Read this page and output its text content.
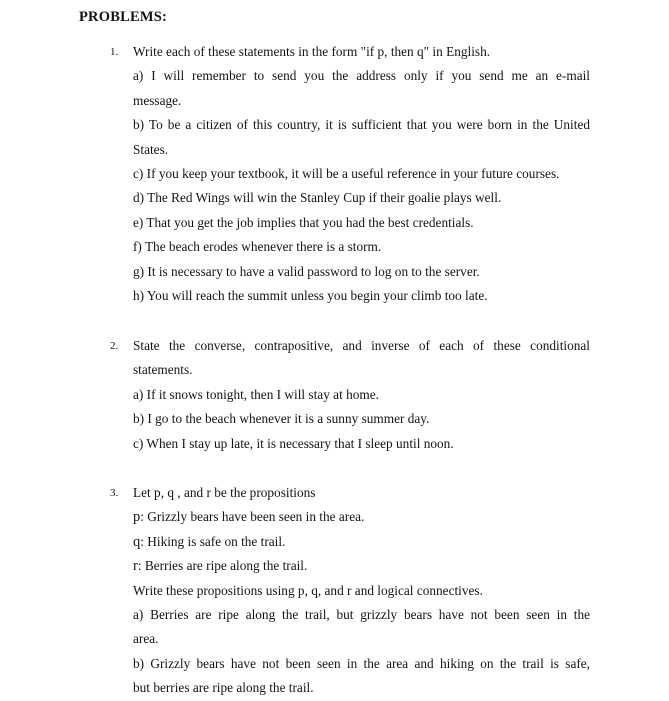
PROBLEMS:
1. Write each of these statements in the form "if p, then q" in English.
a) I will remember to send you the address only if you send me an e-mail
message.
b) To be a citizen of this country, it is sufficient that you were born in the United
States.
c) If you keep your textbook, it will be a useful reference in your future courses.
d) The Red Wings will win the Stanley Cup if their goalie plays well.
e) That you get the job implies that you had the best credentials.
f) The beach erodes whenever there is a storm.
g) It is necessary to have a valid password to log on to the server.
h) You will reach the summit unless you begin your climb too late.
2. State the converse, contrapositive, and inverse of each of these conditional
statements.
a) If it snows tonight, then I will stay at home.
b) I go to the beach whenever it is a sunny summer day.
c) When I stay up late, it is necessary that I sleep until noon.
3. Let p, q , and r be the propositions
p: Grizzly bears have been seen in the area.
q: Hiking is safe on the trail.
r: Berries are ripe along the trail.
Write these propositions using p, q, and r and logical connectives.
a) Berries are ripe along the trail, but grizzly bears have not been seen in the
area.
b) Grizzly bears have not been seen in the area and hiking on the trail is safe,
but berries are ripe along the trail.
